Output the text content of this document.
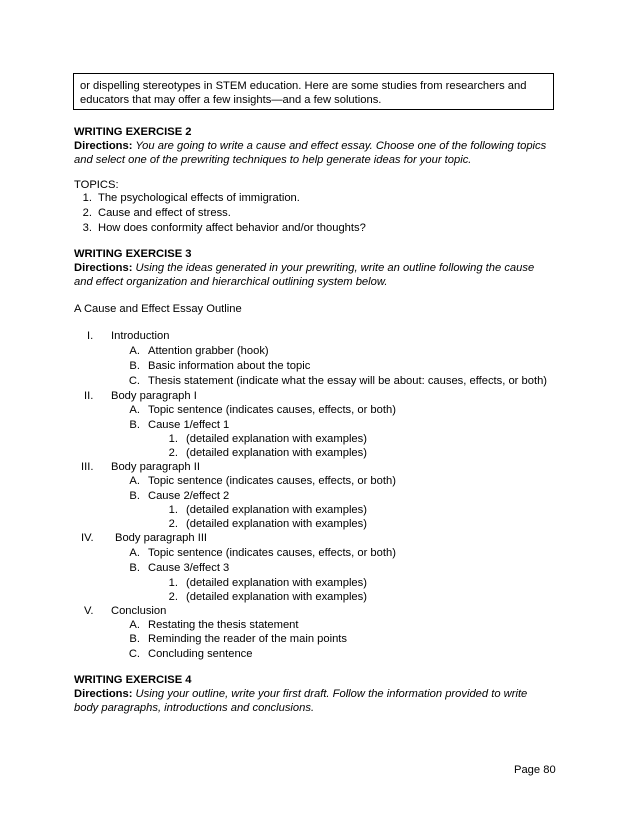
or dispelling stereotypes in STEM education. Here are some studies from researchers and
educators that may offer a few insights—and a few solutions.
WRITING EXERCISE 2
Directions: You are going to write a cause and effect essay. Choose one of the following topics
and select one of the prewriting techniques to help generate ideas for your topic.
TOPICS:
1. The psychological effects of immigration.
2. Cause and effect of stress.
3. How does conformity affect behavior and/or thoughts?
WRITING EXERCISE 3
Directions: Using the ideas generated in your prewriting, write an outline following the cause
and effect organization and hierarchical outlining system below.
A Cause and Effect Essay Outline
I.	Introduction
A. Attention grabber (hook)
B. Basic information about the topic
C. Thesis statement (indicate what the essay will be about: causes, effects, or both)
II.	Body paragraph I
A. Topic sentence (indicates causes, effects, or both)
B. Cause 1/effect 1
1. (detailed explanation with examples)
2. (detailed explanation with examples)
III.	Body paragraph II
A. Topic sentence (indicates causes, effects, or both)
B. Cause 2/effect 2
1. (detailed explanation with examples)
2. (detailed explanation with examples)
IV.	Body paragraph III
A. Topic sentence (indicates causes, effects, or both)
B. Cause 3/effect 3
1. (detailed explanation with examples)
2. (detailed explanation with examples)
V.	Conclusion
A. Restating the thesis statement
B. Reminding the reader of the main points
C. Concluding sentence
WRITING EXERCISE 4
Directions: Using your outline, write your first draft. Follow the information provided to write
body paragraphs, introductions and conclusions.
Page 80
